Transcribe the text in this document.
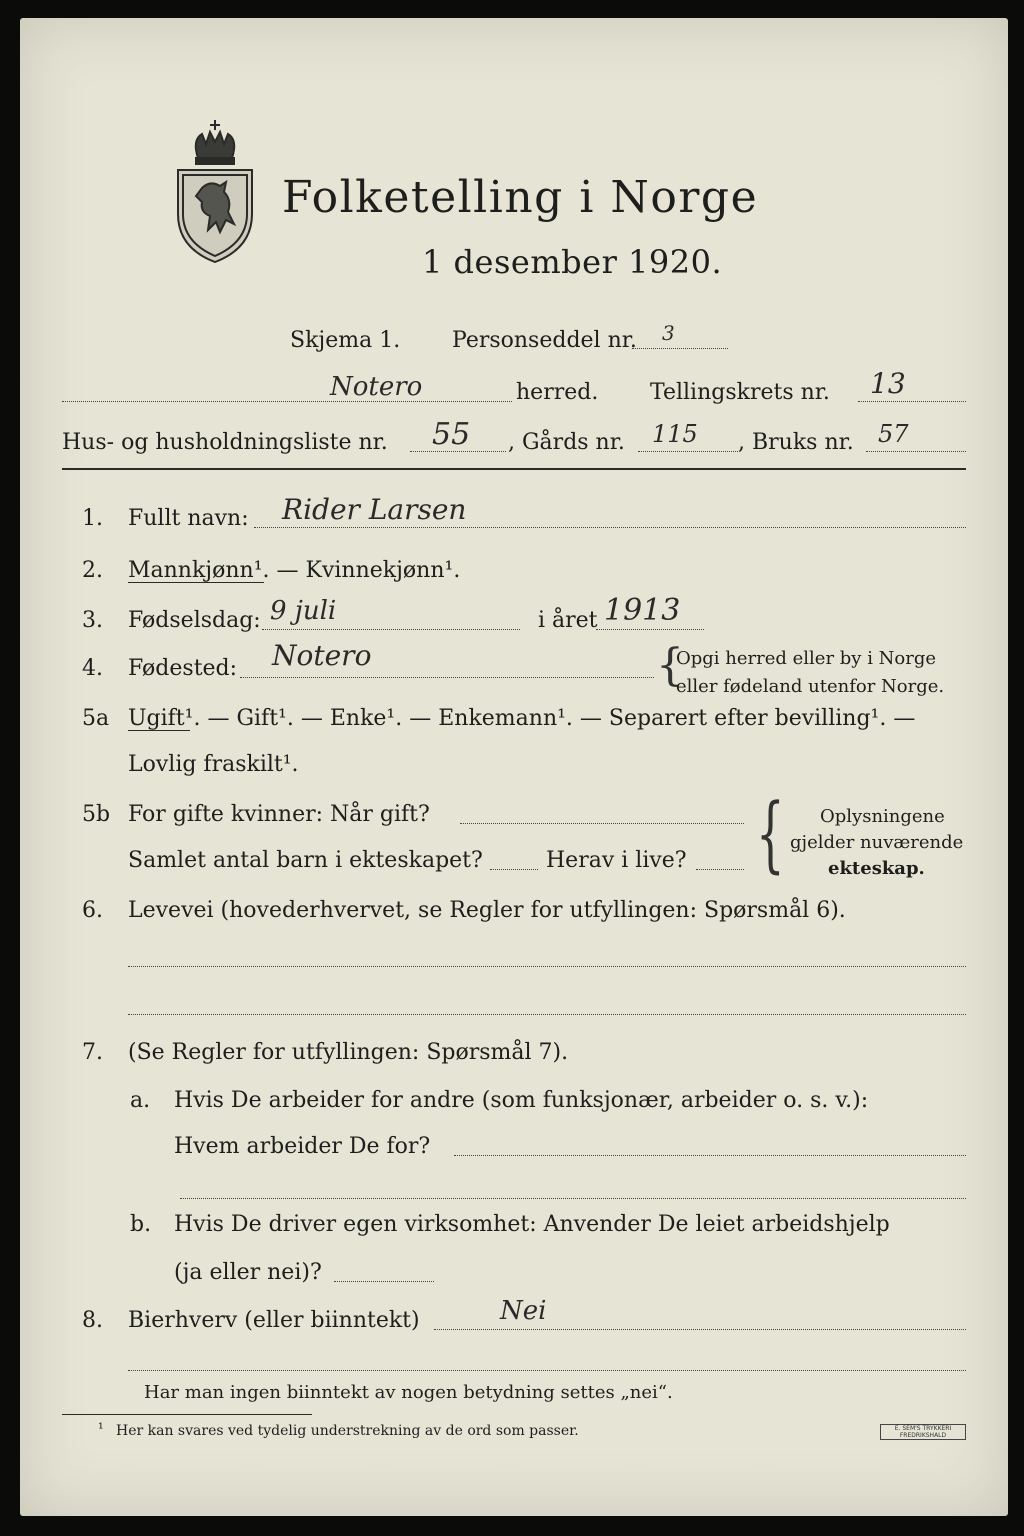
Folketelling i Norge
1 desember 1920.
Skjema 1. Personseddel nr. 3
Notero	herred. Tellingskrets nr. 13
Hus- og husholdningsliste nr. 55 , Gårds nr. 115 , Bruks nr. 57
1. Fullt navn: Rider Larsen
2. Mannkjønn¹. — Kvinnekjønn¹.
3. Fødselsdag: 9 juli	i året 1913
4. Fødested: Notero	{
Opgi herred eller by i Norge
eller fødeland utenfor Norge.
5a Ugift¹. — Gift¹. — Enke¹. — Enkemann¹. — Separert efter bevilling¹. —
Lovlig fraskilt¹.
5b For gifte kvinner: Når gift?
Samlet antal barn i ekteskapet?	Herav i live? { Oplysningene
gjelder nuværende
ekteskap.
6. Levevei (hovederhvervet, se Regler for utfyllingen: Spørsmål 6).
7. (Se Regler for utfyllingen: Spørsmål 7).
a. Hvis De arbeider for andre (som funksjonær, arbeider o. s. v.):
Hvem arbeider De for?
b. Hvis De driver egen virksomhet: Anvender De leiet arbeidshjelp
(ja eller nei)?
8. Bierhverv (eller biinntekt)	Nei
Har man ingen biinntekt av nogen betydning settes „nei“.
¹ Her kan svares ved tydelig understrekning av de ord som passer.	E. SEM'S TRYKKERI
FREDRIKSHALD
